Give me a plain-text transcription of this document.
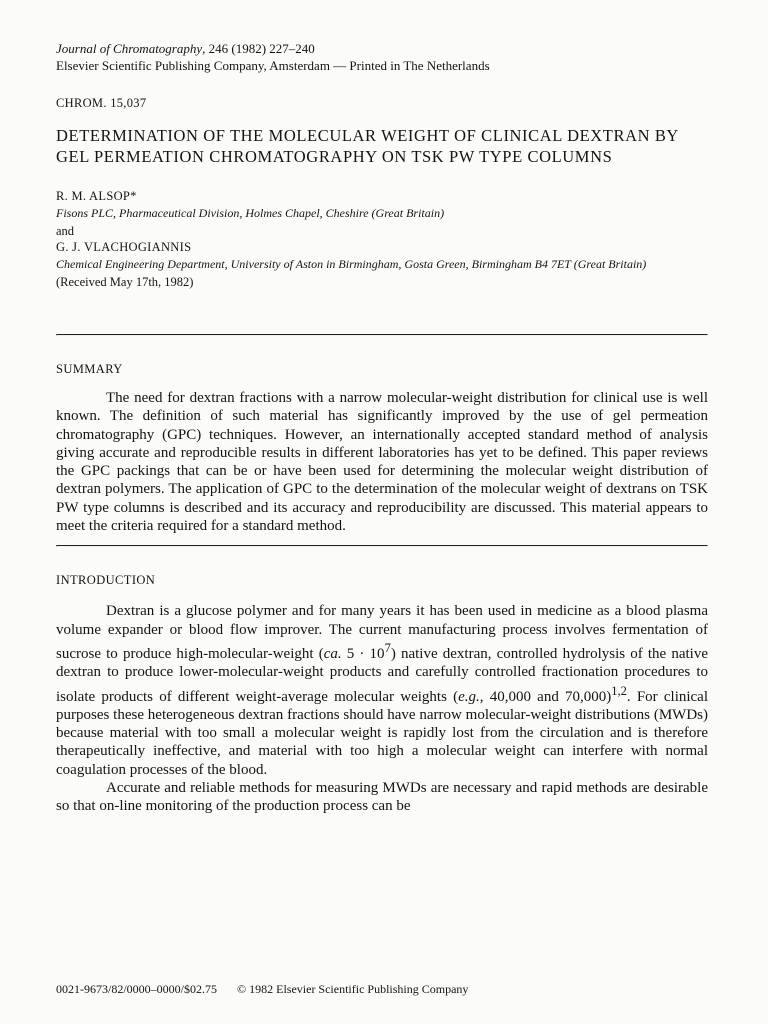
Journal of Chromatography, 246 (1982) 227–240
Elsevier Scientific Publishing Company, Amsterdam — Printed in The Netherlands
CHROM. 15,037
DETERMINATION OF THE MOLECULAR WEIGHT OF CLINICAL DEXTRAN BY GEL PERMEATION CHROMATOGRAPHY ON TSK PW TYPE COLUMNS
R. M. ALSOP*
Fisons PLC, Pharmaceutical Division, Holmes Chapel, Cheshire (Great Britain)
and
G. J. VLACHOGIANNIS
Chemical Engineering Department, University of Aston in Birmingham, Gosta Green, Birmingham B4 7ET (Great Britain)
(Received May 17th, 1982)
SUMMARY

The need for dextran fractions with a narrow molecular-weight distribution for clinical use is well known. The definition of such material has significantly improved by the use of gel permeation chromatography (GPC) techniques. However, an internationally accepted standard method of analysis giving accurate and reproducible results in different laboratories has yet to be defined. This paper reviews the GPC packings that can be or have been used for determining the molecular weight distribution of dextran polymers. The application of GPC to the determination of the molecular weight of dextrans on TSK PW type columns is described and its accuracy and reproducibility are discussed. This material appears to meet the criteria required for a standard method.

INTRODUCTION

Dextran is a glucose polymer and for many years it has been used in medicine as a blood plasma volume expander or blood flow improver. The current manufacturing process involves fermentation of sucrose to produce high-molecular-weight (ca. $5 \cdot 10^7$) native dextran, controlled hydrolysis of the native dextran to produce lower-molecular-weight products and carefully controlled fractionation procedures to isolate products of different weight-average molecular weights (e.g., 40,000 and 70,000)$^{1,2}$. For clinical purposes these heterogeneous dextran fractions should have narrow molecular-weight distributions (MWDs) because material with too small a molecular weight is rapidly lost from the circulation and is therefore therapeutically ineffective, and material with too high a molecular weight can interfere with normal coagulation processes of the blood.

Accurate and reliable methods for measuring MWDs are necessary and rapid methods are desirable so that on-line monitoring of the production process can be

0021-9673/82/0000–0000/$02.75 © 1982 Elsevier Scientific Publishing Company
